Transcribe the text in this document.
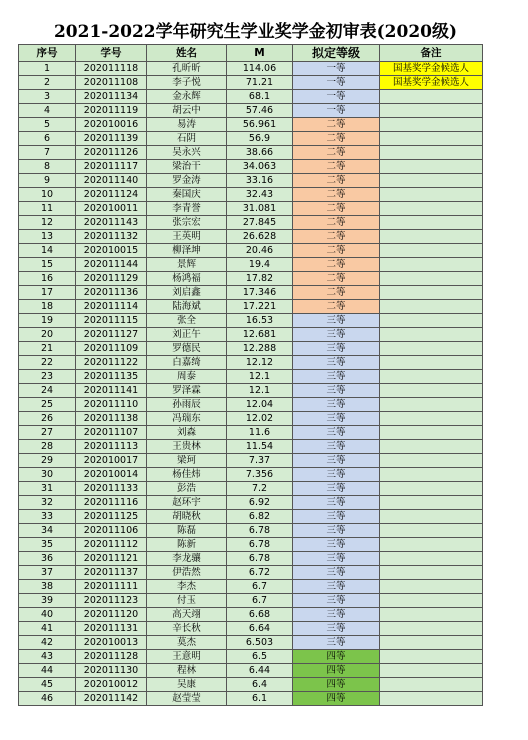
2021-2022学年研究生学业奖学金初审表(2020级)
序号	学号	姓名	M	拟定等级	备注
1	202011118	孔昕昕	114.06	一等	国基奖学金候选人
2	202011108	李子悦	71.21	一等	国基奖学金候选人
3	202011134	金永辉	68.1	一等	
4	202011119	胡云中	57.46	一等	
5	202010016	易涛	56.961	二等	
6	202011139	石阴	56.9	二等	
7	202011126	吴永兴	38.66	二等	
8	202011117	梁治干	34.063	二等	
9	202011140	罗金涛	33.16	二等	
10	202011124	秦国庆	32.43	二等	
11	202010011	李青誉	31.081	二等	
12	202011143	张宗宏	27.845	二等	
13	202011132	王英明	26.628	二等	
14	202010015	柳泽坤	20.46	二等	
15	202011144	景辉	19.4	二等	
16	202011129	杨鸿福	17.82	二等	
17	202011136	刘启鑫	17.346	二等	
18	202011114	陆海斌	17.221	二等	
19	202011115	张全	16.53	三等	
20	202011127	刘正午	12.681	三等	
21	202011109	罗德民	12.288	三等	
22	202011122	白嘉绮	12.12	三等	
23	202011135	周泰	12.1	三等	
24	202011141	罗泽霖	12.1	三等	
25	202011110	孙雨辰	12.04	三等	
26	202011138	冯瑞东	12.02	三等	
27	202011107	刘森	11.6	三等	
28	202011113	王贵林	11.54	三等	
29	202010017	梁珂	7.37	三等	
30	202010014	杨佳炜	7.356	三等	
31	202011133	彭浩	7.2	三等	
32	202011116	赵环宇	6.92	三等	
33	202011125	胡晓秋	6.82	三等	
34	202011106	陈磊	6.78	三等	
35	202011112	陈新	6.78	三等	
36	202011121	李龙骧	6.78	三等	
37	202011137	伊浩然	6.72	三等	
38	202011111	李杰	6.7	三等	
39	202011123	付玉	6.7	三等	
40	202011120	高天翊	6.68	三等	
41	202011131	辛长秋	6.64	三等	
42	202010013	莫杰	6.503	三等	
43	202011128	王意明	6.5	四等	
44	202011130	程林	6.44	四等	
45	202010012	吴康	6.4	四等	
46	202011142	赵莹莹	6.1	四等	
